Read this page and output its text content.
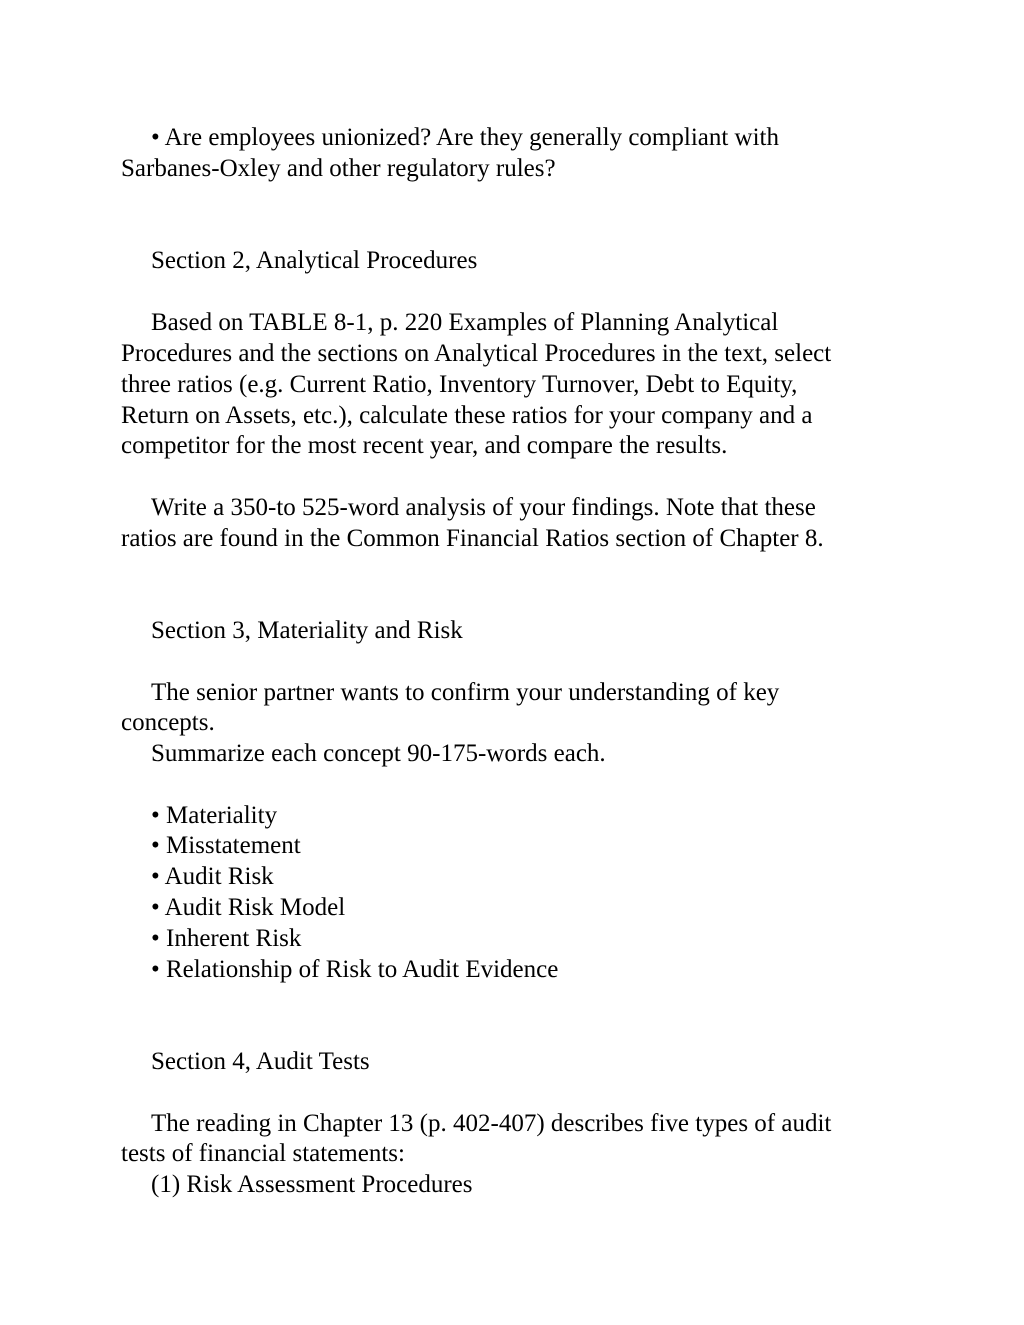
• Are employees unionized? Are they generally compliant with

Sarbanes-Oxley and other regulatory rules?

Section 2, Analytical Procedures

Based on TABLE 8-1, p. 220 Examples of Planning Analytical

Procedures and the sections on Analytical Procedures in the text, select

three ratios (e.g. Current Ratio, Inventory Turnover, Debt to Equity,

Return on Assets, etc.), calculate these ratios for your company and a

competitor for the most recent year, and compare the results.

Write a 350-to 525-word analysis of your findings. Note that these

ratios are found in the Common Financial Ratios section of Chapter 8.

Section 3, Materiality and Risk

The senior partner wants to confirm your understanding of key

concepts.

Summarize each concept 90-175-words each.

• Materiality

• Misstatement

• Audit Risk

• Audit Risk Model

• Inherent Risk

• Relationship of Risk to Audit Evidence

Section 4, Audit Tests

The reading in Chapter 13 (p. 402-407) describes five types of audit

tests of financial statements:

(1) Risk Assessment Procedures
